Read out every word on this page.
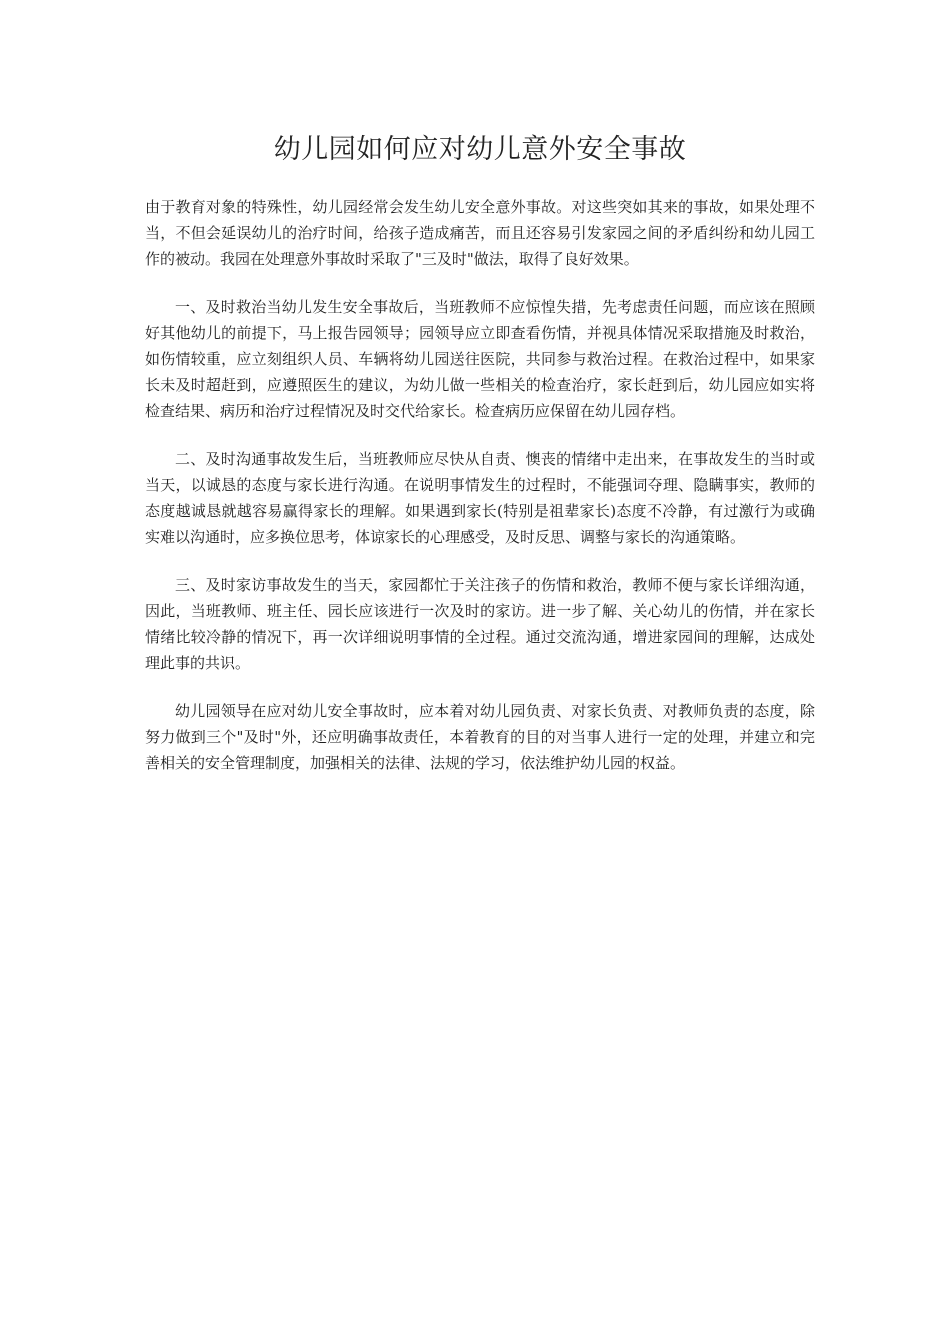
幼儿园如何应对幼儿意外安全事故

由于教育对象的特殊性，幼儿园经常会发生幼儿安全意外事故。对这些突如其来的事故，如果处理不当，不但会延误幼儿的治疗时间，给孩子造成痛苦，而且还容易引发家园之间的矛盾纠纷和幼儿园工作的被动。我园在处理意外事故时采取了"三及时"做法，取得了良好效果。

一、及时救治当幼儿发生安全事故后，当班教师不应惊惶失措，先考虑责任问题，而应该在照顾好其他幼儿的前提下，马上报告园领导；园领导应立即查看伤情，并视具体情况采取措施及时救治，如伤情较重，应立刻组织人员、车辆将幼儿园送往医院，共同参与救治过程。在救治过程中，如果家长未及时超赶到，应遵照医生的建议，为幼儿做一些相关的检查治疗，家长赶到后，幼儿园应如实将检查结果、病历和治疗过程情况及时交代给家长。检查病历应保留在幼儿园存档。

二、及时沟通事故发生后，当班教师应尽快从自责、懊丧的情绪中走出来，在事故发生的当时或当天，以诚恳的态度与家长进行沟通。在说明事情发生的过程时，不能强词夺理、隐瞒事实，教师的态度越诚恳就越容易赢得家长的理解。如果遇到家长(特别是祖辈家长)态度不冷静，有过激行为或确实难以沟通时，应多换位思考，体谅家长的心理感受，及时反思、调整与家长的沟通策略。

三、及时家访事故发生的当天，家园都忙于关注孩子的伤情和救治，教师不便与家长详细沟通，因此，当班教师、班主任、园长应该进行一次及时的家访。进一步了解、关心幼儿的伤情，并在家长情绪比较冷静的情况下，再一次详细说明事情的全过程。通过交流沟通，增进家园间的理解，达成处理此事的共识。

幼儿园领导在应对幼儿安全事故时，应本着对幼儿园负责、对家长负责、对教师负责的态度，除努力做到三个"及时"外，还应明确事故责任，本着教育的目的对当事人进行一定的处理，并建立和完善相关的安全管理制度，加强相关的法律、法规的学习，依法维护幼儿园的权益。
